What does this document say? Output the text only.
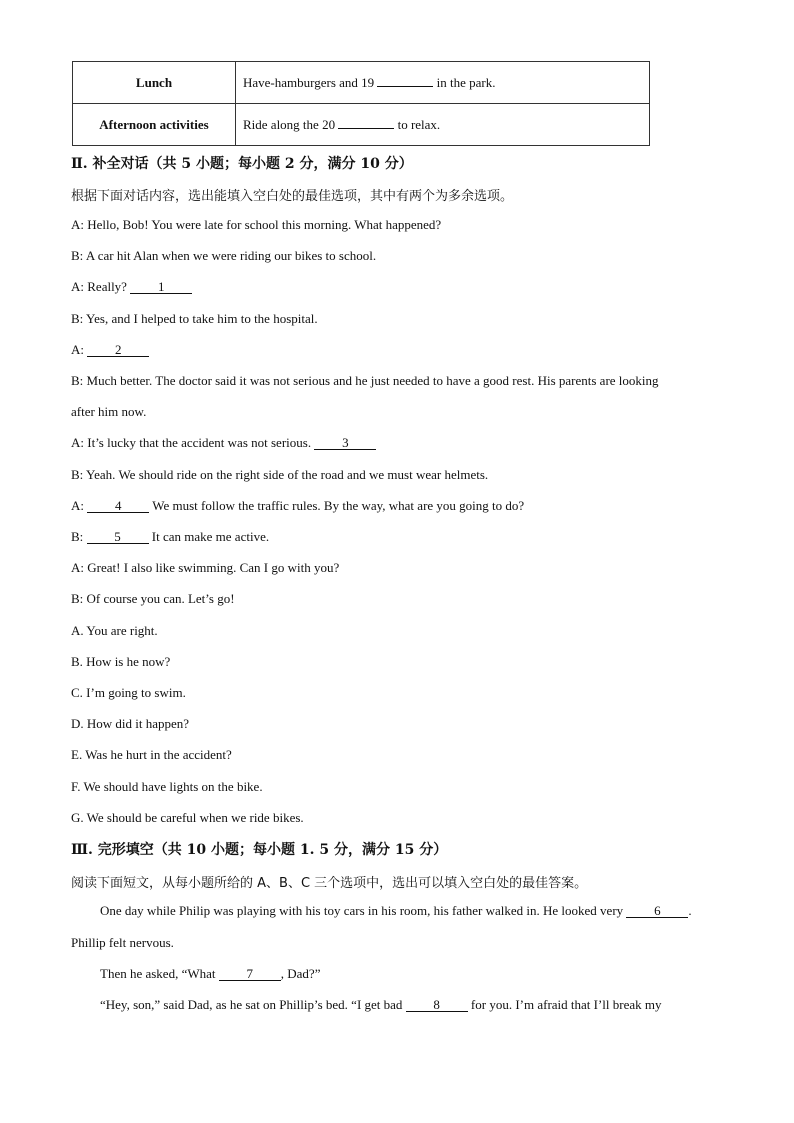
Lunch	Have-hamburgers and 19 in the park.
Afternoon activities	Ride along the 20 to relax.
Ⅱ. 补全对话（共 5 小题；每小题 2 分，满分 10 分）
根据下面对话内容，选出能填入空白处的最佳选项，其中有两个为多余选项。
A: Hello, Bob! You were late for school this morning. What happened?
B: A car hit Alan when we were riding our bikes to school.
A: Really? 1
B: Yes, and I helped to take him to the hospital.
A: 2
B: Much better. The doctor said it was not serious and he just needed to have a good rest. His parents are looking
after him now.
A: It’s lucky that the accident was not serious. 3
B: Yeah. We should ride on the right side of the road and we must wear helmets.
A: 4 We must follow the traffic rules. By the way, what are you going to do?
B: 5 It can make me active.
A: Great! I also like swimming. Can I go with you?
B: Of course you can. Let’s go!
A. You are right.
B. How is he now?
C. I’m going to swim.
D. How did it happen?
E. Was he hurt in the accident?
F. We should have lights on the bike.
G. We should be careful when we ride bikes.
Ⅲ. 完形填空（共 10 小题；每小题 1. 5 分，满分 15 分）
阅读下面短文，从每小题所给的 A、B、C 三个选项中，选出可以填入空白处的最佳答案。
One day while Philip was playing with his toy cars in his room, his father walked in. He looked very 6 .
Phillip felt nervous.
Then he asked, “What 7 , Dad?”
“Hey, son,” said Dad, as he sat on Phillip’s bed. “I get bad 8 for you. I’m afraid that I’ll break my
